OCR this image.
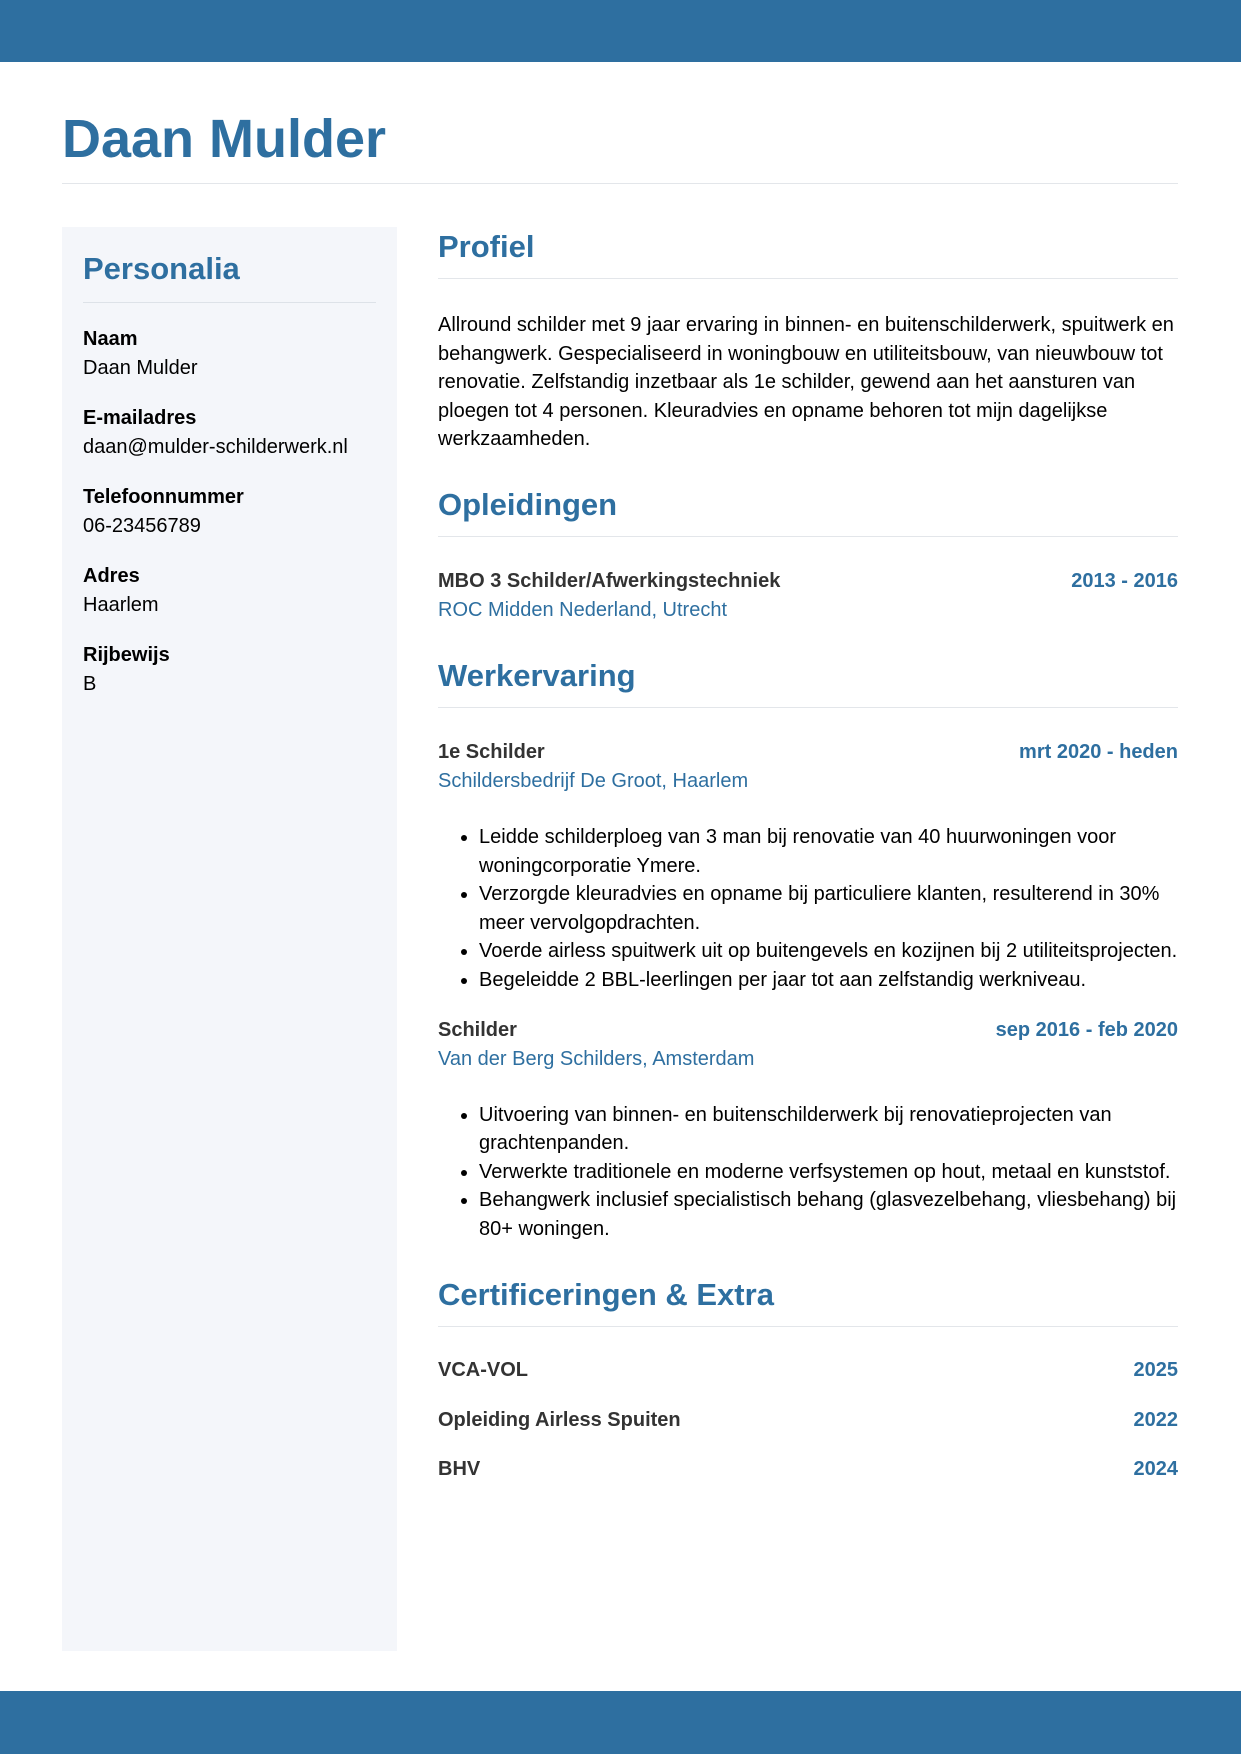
Daan Mulder
Personalia
Naam
Daan Mulder
E-mailadres
daan@mulder-schilderwerk.nl
Telefoonnummer
06-23456789
Adres
Haarlem
Rijbewijs
B
Profiel

Allround schilder met 9 jaar ervaring in binnen- en buitenschilderwerk, spuitwerk en behangwerk. Gespecialiseerd in woningbouw en utiliteitsbouw, van nieuwbouw tot renovatie. Zelfstandig inzetbaar als 1e schilder, gewend aan het aansturen van ploegen tot 4 personen. Kleuradvies en opname behoren tot mijn dagelijkse werkzaamheden.

Opleidingen
MBO 3 Schilder/Afwerkingstechniek	2013 - 2016
ROC Midden Nederland, Utrecht
Werkervaring
1e Schilder	mrt 2020 - heden
Schildersbedrijf De Groot, Haarlem
• Leidde schilderploeg van 3 man bij renovatie van 40 huurwoningen voor woningcorporatie Ymere.
• Verzorgde kleuradvies en opname bij particuliere klanten, resulterend in 30% meer vervolgopdrachten.
• Voerde airless spuitwerk uit op buitengevels en kozijnen bij 2 utiliteitsprojecten.
• Begeleidde 2 BBL-leerlingen per jaar tot aan zelfstandig werkniveau.
Schilder	sep 2016 - feb 2020
Van der Berg Schilders, Amsterdam
• Uitvoering van binnen- en buitenschilderwerk bij renovatieprojecten van grachtenpanden.
• Verwerkte traditionele en moderne verfsystemen op hout, metaal en kunststof.
• Behangwerk inclusief specialistisch behang (glasvezelbehang, vliesbehang) bij 80+ woningen.
Certificeringen & Extra
VCA-VOL	2025
Opleiding Airless Spuiten	2022
BHV	2024
